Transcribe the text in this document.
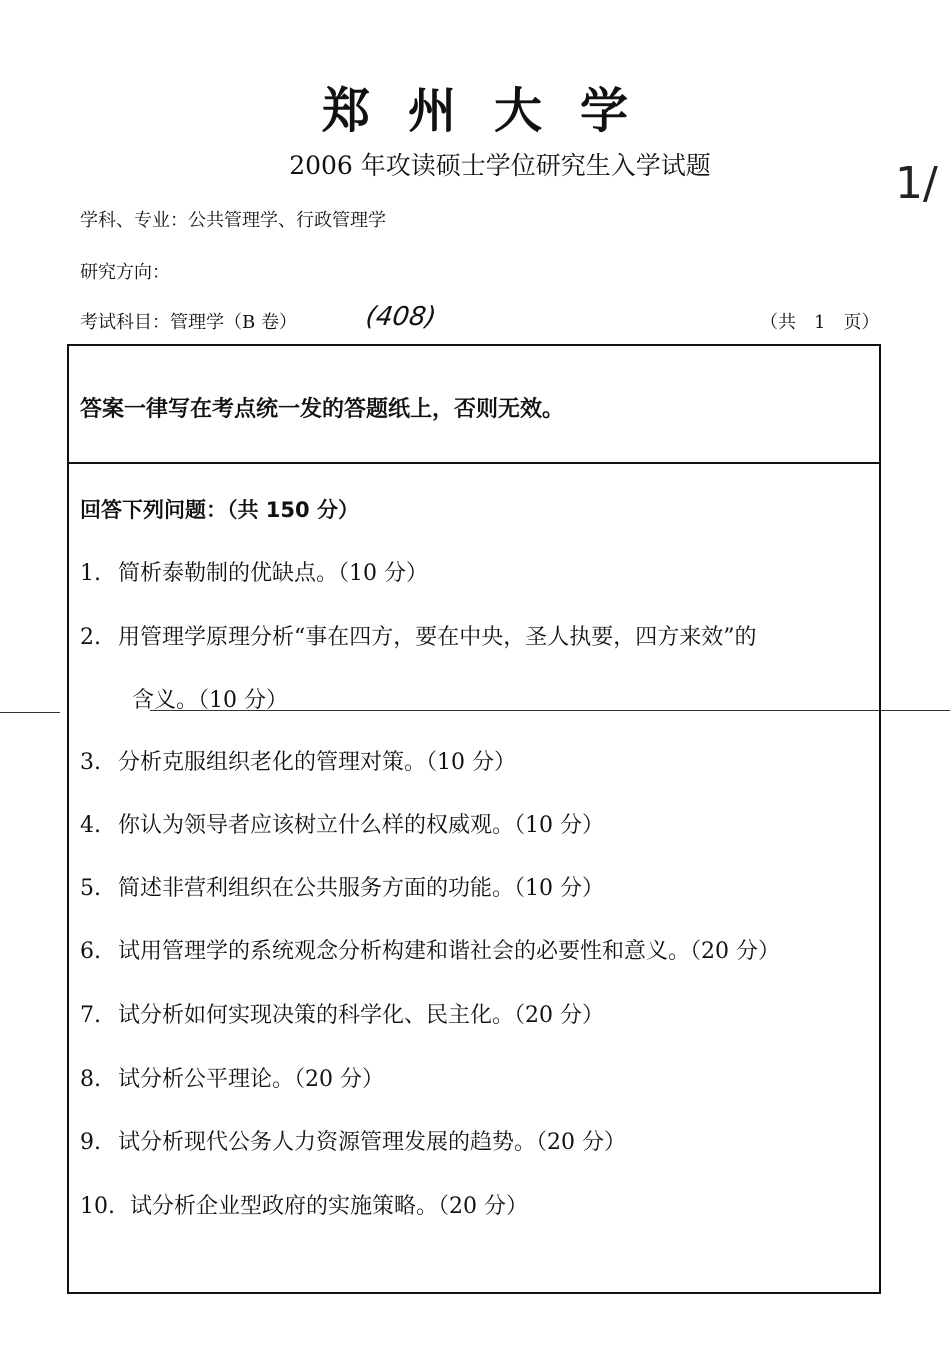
郑州大学
2006 年攻读硕士学位研究生入学试题
学科、专业：公共管理学、行政管理学
研究方向：
考试科目：管理学（B 卷）	(408)	（共　1　页）
1/
答案一律写在考点统一发的答题纸上，否则无效。
回答下列问题：（共 150 分）
1. 简析泰勒制的优缺点。（10 分）
2. 用管理学原理分析“事在四方，要在中央，圣人执要，四方来效”的
含义。（10 分）
3. 分析克服组织老化的管理对策。（10 分）
4. 你认为领导者应该树立什么样的权威观。（10 分）
5. 简述非营利组织在公共服务方面的功能。（10 分）
6. 试用管理学的系统观念分析构建和谐社会的必要性和意义。（20 分）
7. 试分析如何实现决策的科学化、民主化。（20 分）
8. 试分析公平理论。（20 分）
9. 试分析现代公务人力资源管理发展的趋势。（20 分）
10. 试分析企业型政府的实施策略。（20 分）
